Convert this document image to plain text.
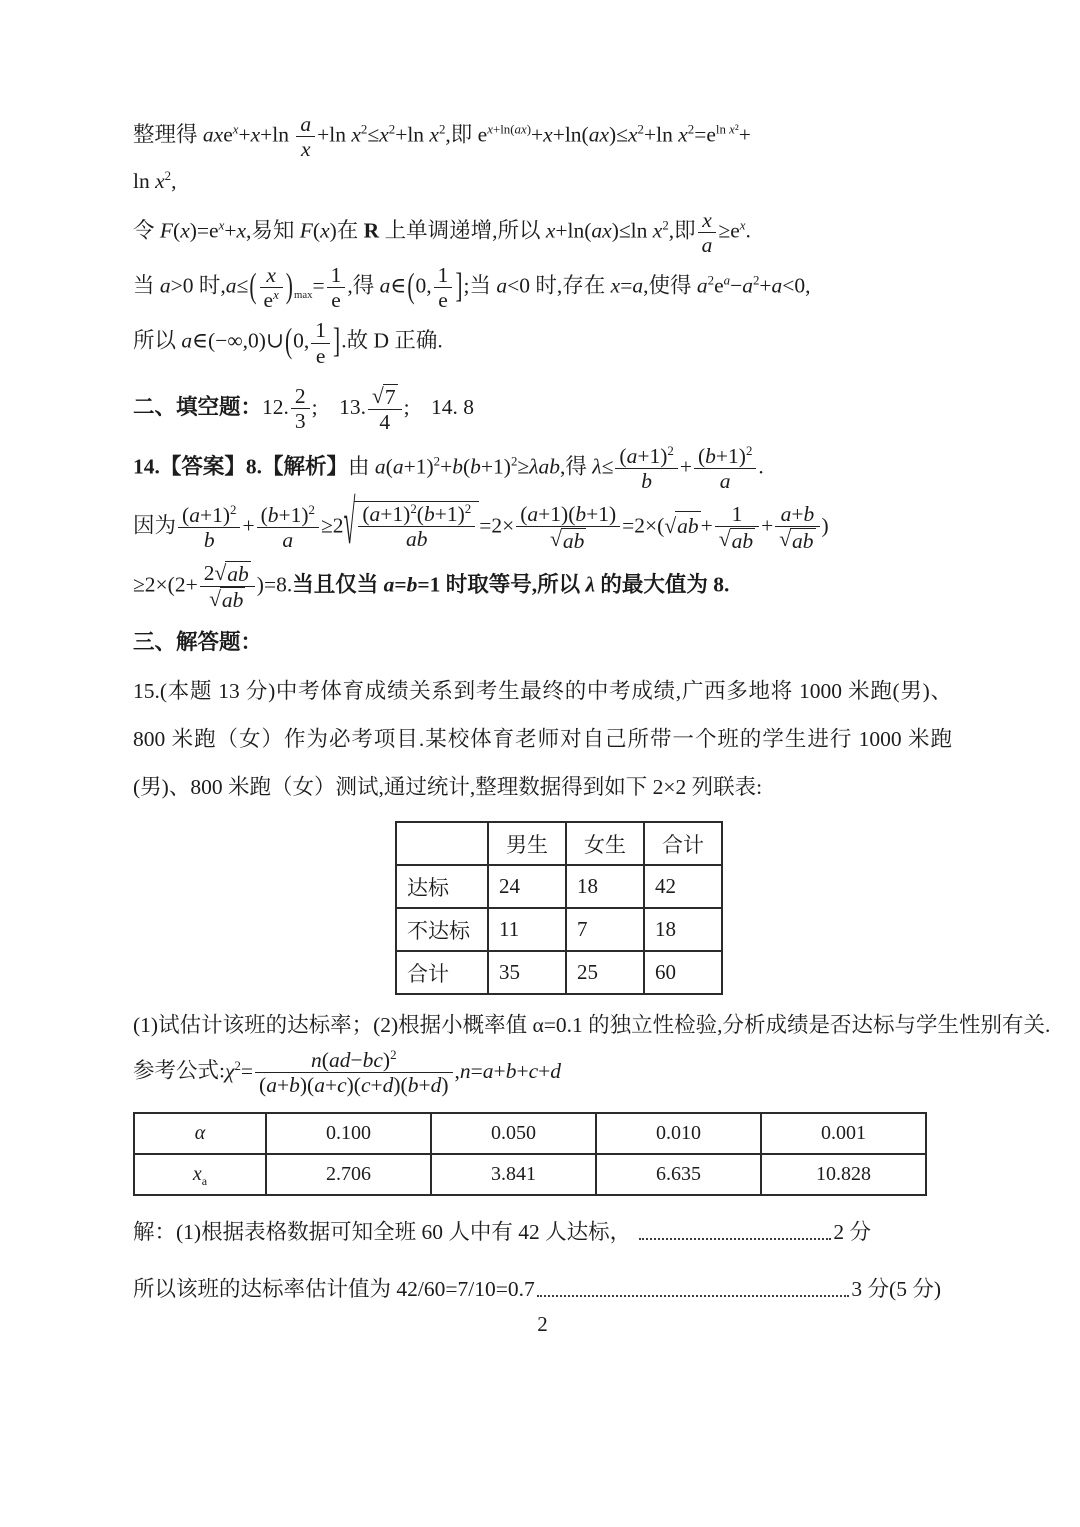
整理得 $axe^x+x+\ln \frac{a}{x} +\ln$ $x^2\le x^2+\ln$ $x^2$,即 $e^{x+ln(ax)}+x+\ln(ax)\le x^2+\ln$ $x^2=e^{ln x^2}+$
$\ln x^2$,
令 $F(x)=e^x+x$,易知 F(x)在 R 上单调递增,所以 x+ln(ax)≤ln $x^2$,即 $\frac{x}{a} \ge e^x$.
当 a>0 时$,a\le( \frac{x}{e^x} )_{max}= \frac{1}{e}$ ,得 a∈(0, $\frac{1}{e}$ ];当 a<0 时,存在 x=a,使得 $a^2e^a-a^2+a<0$,
所以 a∈(−∞,0)∪(0, $\frac{1}{e}$ ].故 D 正确.
二、填空题：12. $\frac{2}{3}$ ;    13. $\frac{√ 7}{4}$ ;    14. 8
14.【答案】8.【解析】由 $a(a+1)^2+b(b+1)^2\ge\lambda ab$,得 $\lambda\le \frac{(a+1)^2}{b} + \frac{(b+1)^2}{a}$ .
因为 $\frac{(a+1)^2}{b} + \frac{(b+1)^2}{a} \ge 2$ √ $\frac{(a+1)^2(b+1)^2}{ab} =2\times \frac{(a+1)(b+1)}{√ ab} =2\times$( √ ab + $\frac{1}{√ ab} + \frac{a+b}{√ ab}$ )
$\ge 2\times(2+ \frac{2 √ ab}{√ ab} )=8$.当且仅当 a=b=1 时取等号,所以 λ 的最大值为 8.
三、解答题：
15.(本题 13 分)中考体育成绩关系到考生最终的中考成绩,广西多地将 1000 米跑(男)、800 米跑（女）作为必考项目.某校体育老师对自己所带一个班的学生进行 1000 米跑(男)、800 米跑（女）测试,通过统计,整理数据得到如下 2×2 列联表:
	男生	女生	合计
达标	24	18	42
不达标	11	7	18
合计	35	25	60
(1)试估计该班的达标率；(2)根据小概率值 α=0.1 的独立性检验,分析成绩是否达标与学生性别有关.
参考公式$:\chi^2= \frac{n(ad-bc)^2}{(a+b)(a+c)(c+d)(b+d)} ,n=a+b+c+d$
α	0.100	0.050	0.010	0.001
$x_a$	2.706	3.841	6.635	10.828
解：(1)根据表格数据可知全班 60 人中有 42 人达标，	2 分
所以该班的达标率估计值为 42/60=7/10=0.7	3 分(5 分)
2
